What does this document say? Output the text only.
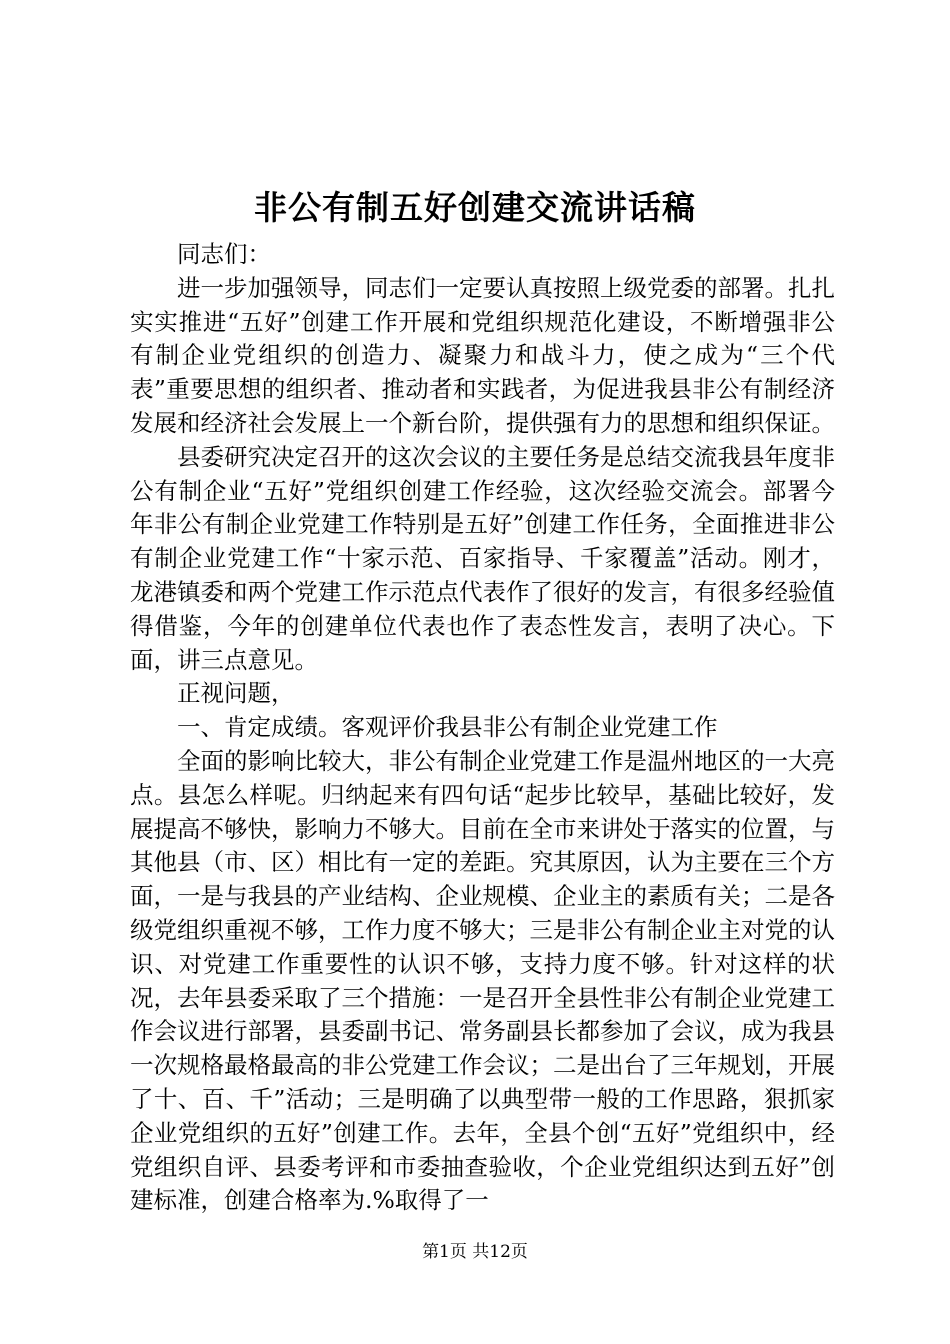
非公有制五好创建交流讲话稿

同志们：

进一步加强领导，同志们一定要认真按照上级党委的部署。扎扎实实推进“五好”创建工作开展和党组织规范化建设，不断增强非公有制企业党组织的创造力、凝聚力和战斗力，使之成为“三个代表”重要思想的组织者、推动者和实践者，为促进我县非公有制经济发展和经济社会发展上一个新台阶，提供强有力的思想和组织保证。

县委研究决定召开的这次会议的主要任务是总结交流我县年度非公有制企业“五好”党组织创建工作经验，这次经验交流会。部署今年非公有制企业党建工作特别是五好”创建工作任务，全面推进非公有制企业党建工作“十家示范、百家指导、千家覆盖”活动。刚才，龙港镇委和两个党建工作示范点代表作了很好的发言，有很多经验值得借鉴，今年的创建单位代表也作了表态性发言，表明了决心。下面，讲三点意见。

正视问题，

一、肯定成绩。客观评价我县非公有制企业党建工作

全面的影响比较大，非公有制企业党建工作是温州地区的一大亮点。县怎么样呢。归纳起来有四句话“起步比较早，基础比较好，发展提高不够快，影响力不够大。目前在全市来讲处于落实的位置，与其他县（市、区）相比有一定的差距。究其原因，认为主要在三个方面，一是与我县的产业结构、企业规模、企业主的素质有关；二是各级党组织重视不够，工作力度不够大；三是非公有制企业主对党的认识、对党建工作重要性的认识不够，支持力度不够。针对这样的状况，去年县委采取了三个措施：一是召开全县性非公有制企业党建工作会议进行部署，县委副书记、常务副县长都参加了会议，成为我县一次规格最格最高的非公党建工作会议；二是出台了三年规划，开展了十、百、千”活动；三是明确了以典型带一般的工作思路，狠抓家企业党组织的五好”创建工作。去年，全县个创“五好”党组织中，经党组织自评、县委考评和市委抽查验收，个企业党组织达到五好”创建标准，创建合格率为.%取得了一

第1页 共12页
